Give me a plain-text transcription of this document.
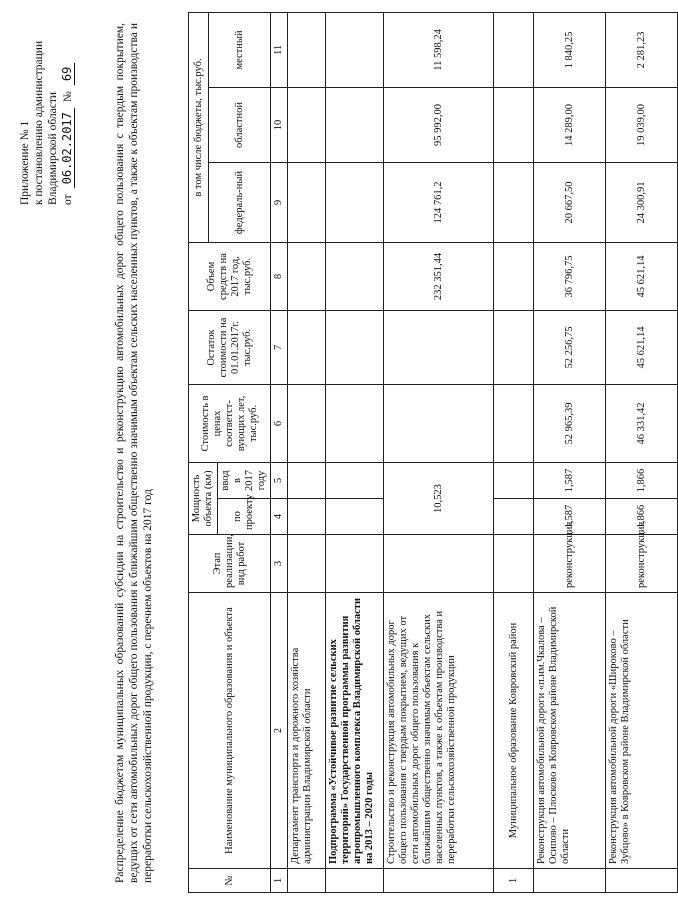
Приложение № 1 к постановлению администрации Владимирской области от
06.02.2017
№
69	Распределение бюджетам муниципальных образований субсидии на строительство и реконструкцию автомобильных дорог общего пользования с твердым покрытием, ведущих от сети автомобильных дорог общего пользования к ближайшим общественно значимым объектам сельских населенных пунктов, а также к объектам производства и переработки сельскохозяйственной продукции, с перечнем объектов на 2017 год	№	Наименование муниципального образования и объекта	Этап реализации, вид работ	Мощность объекта (км)		Стоимость в ценах соответст-вующих лет, тыс.руб.	Остаток стоимости на 01.01.2017г. тыс.руб.	Объем средств на 2017 год, тыс.руб.	в том числе бюджеты, тыс.руб.		
								федераль-ный	областной	местный
			по проекту	ввод в 2017 году						
1	2	3	4	5	6	7	8	9	10	11
	Департамент транспорта и дорожного хозяйства администрации Владимирской области									
	Подпрограмма «Устойчивое развитие сельских территорий» Государственной программы развития агропромышленного комплекса Владимирской области на 2013 – 2020 годы									
	Строительство и реконструкция автомобильных дорог общего пользования с твердым покрытием, ведущих от сети автомобильных дорог общего пользования к ближайшим общественно значимым объектам сельских населенных пунктов, а также к объектам производства и переработки сельскохозяйственной продукции		10,523				232 351,44	124 761,2	95 992,00	11 598,24
1	Муниципальное образование Ковровский район									
	Реконструкция автомобильной дороги «п.им.Чкалова – Осипово – Плосково в Ковровском районе Владимирской области	реконструкция	1,587	1,587	52 965,39	52 256,75	36 796,75	20 667,50	14 289,00	1 840,25
	Реконструкция автомобильной дороги «Широково – Зубцово» в Ковровском районе Владимирской области	реконструкция	1,866	1,866	46 331,42	45 621,14	45 621,14	24 300,91	19 039,00	2 281,23
